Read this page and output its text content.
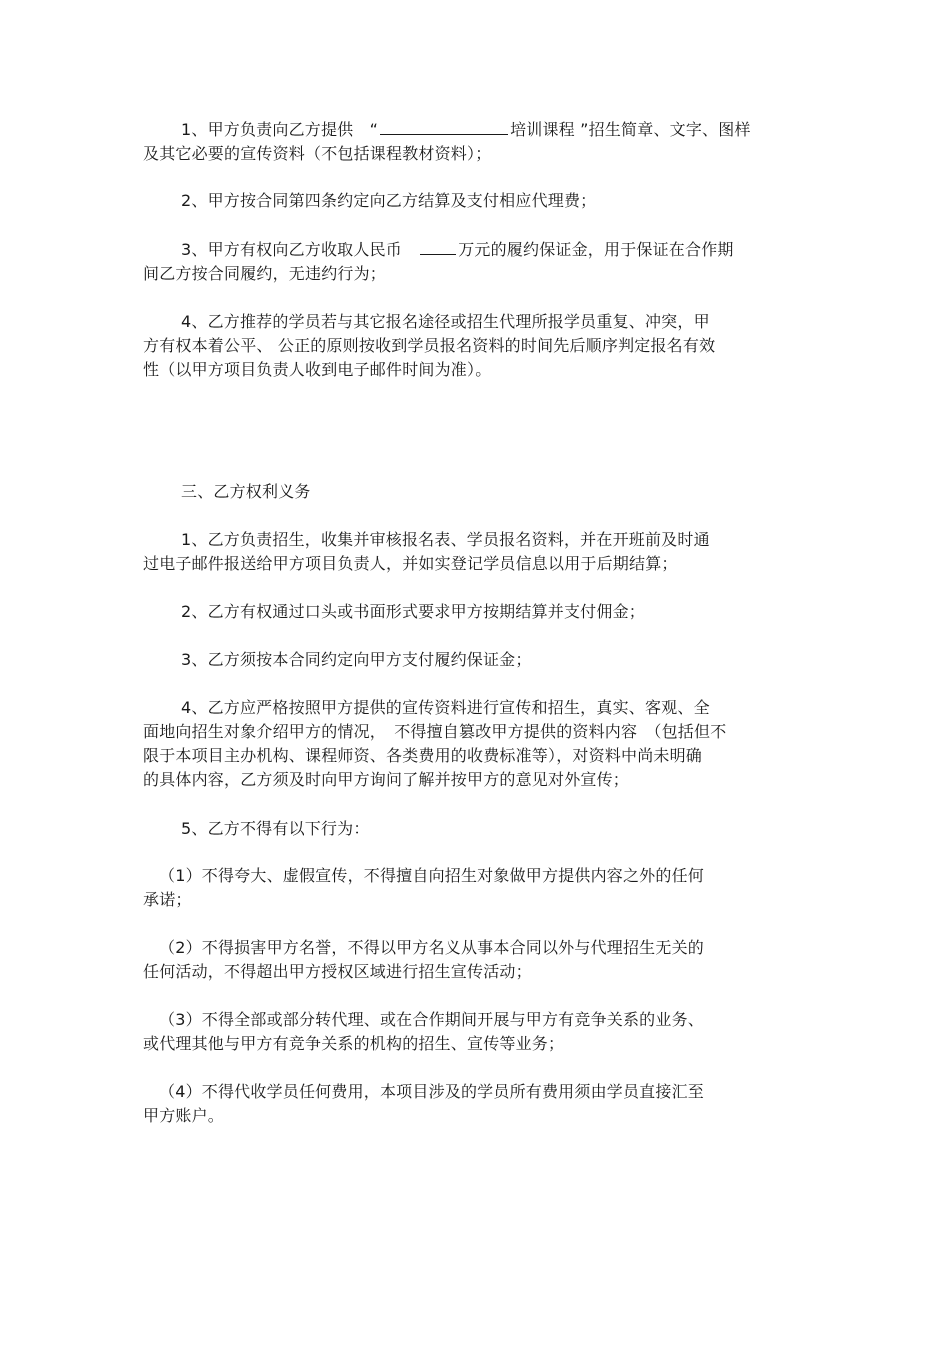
1、甲方负责向乙方提供　“	培训课程 ”招生简章、文字、图样
及其它必要的宣传资料（不包括课程教材资料）；
2、甲方按合同第四条约定向乙方结算及支付相应代理费；
3、甲方有权向乙方收取人民币　	万元的履约保证金，用于保证在合作期
间乙方按合同履约，无违约行为；
4、乙方推荐的学员若与其它报名途径或招生代理所报学员重复、冲突，甲
方有权本着公平、 公正的原则按收到学员报名资料的时间先后顺序判定报名有效
性（以甲方项目负责人收到电子邮件时间为准）。
三、乙方权利义务
1、乙方负责招生，收集并审核报名表、学员报名资料，并在开班前及时通
过电子邮件报送给甲方项目负责人，并如实登记学员信息以用于后期结算；
2、乙方有权通过口头或书面形式要求甲方按期结算并支付佣金；
3、乙方须按本合同约定向甲方支付履约保证金；
4、乙方应严格按照甲方提供的宣传资料进行宣传和招生，真实、客观、全
面地向招生对象介绍甲方的情况，　不得擅自篡改甲方提供的资料内容　（包括但不
限于本项目主办机构、课程师资、各类费用的收费标准等），对资料中尚未明确
的具体内容，乙方须及时向甲方询问了解并按甲方的意见对外宣传；
5、乙方不得有以下行为：
（1）不得夸大、虚假宣传，不得擅自向招生对象做甲方提供内容之外的任何
承诺；
（2）不得损害甲方名誉，不得以甲方名义从事本合同以外与代理招生无关的
任何活动，不得超出甲方授权区域进行招生宣传活动；
（3）不得全部或部分转代理、或在合作期间开展与甲方有竞争关系的业务、
或代理其他与甲方有竞争关系的机构的招生、宣传等业务；
（4）不得代收学员任何费用，本项目涉及的学员所有费用须由学员直接汇至
甲方账户。
